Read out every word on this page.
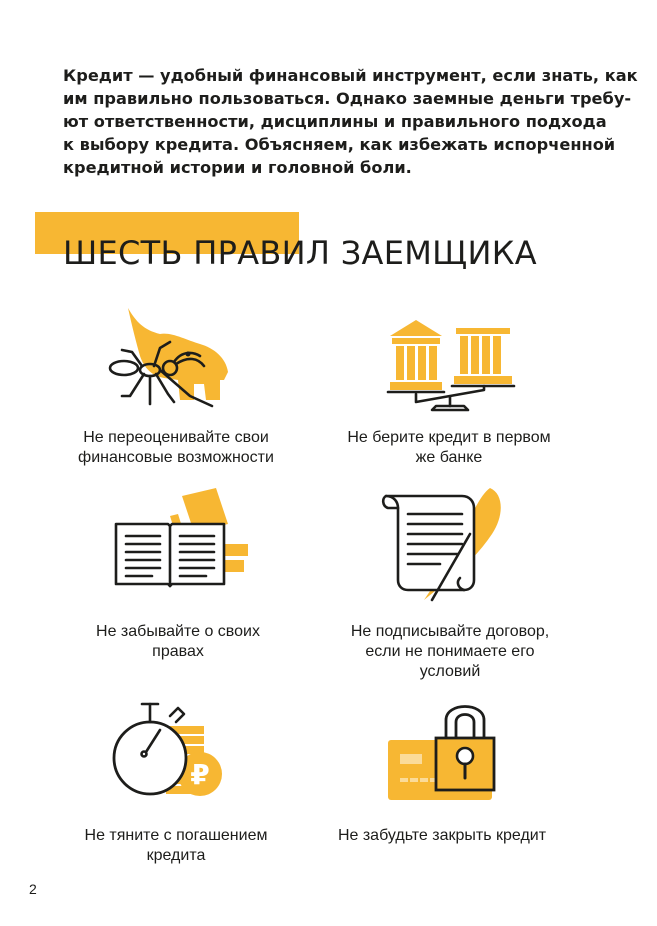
Кредит — удобный финансовый инструмент, если знать, как
им правильно пользоваться. Однако заемные деньги требу-
ют ответственности, дисциплины и правильного подхода
к выбору кредита. Объясняем, как избежать испорченной
кредитной истории и головной боли.
ШЕСТЬ ПРАВИЛ ЗАЕМЩИКА
Не переоценивайте свои
финансовые возможности
Не берите кредит в первом
же банке
Не забывайте о своих
правах
Не подписывайте договор,
если не понимаете его
условий
₽
Не тяните с погашением
кредита
Не забудьте закрыть кредит
2
